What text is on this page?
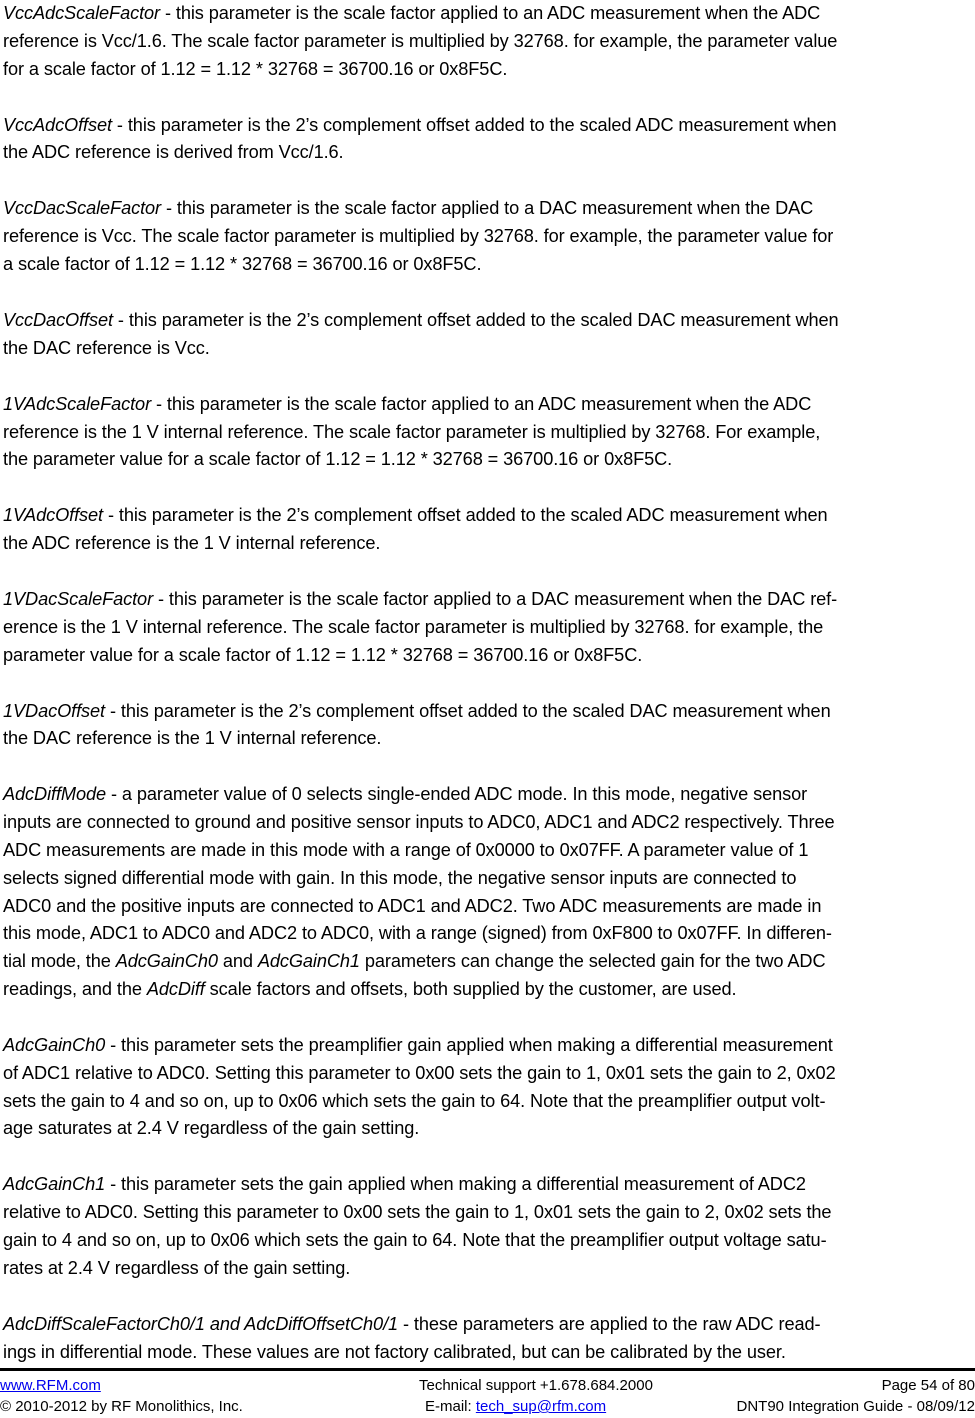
VccAdcScaleFactor - this parameter is the scale factor applied to an ADC measurement when the ADC
reference is Vcc/1.6. The scale factor parameter is multiplied by 32768. for example, the parameter value
for a scale factor of 1.12 = 1.12 * 32768 = 36700.16 or 0x8F5C.

VccAdcOffset - this parameter is the 2’s complement offset added to the scaled ADC measurement when
the ADC reference is derived from Vcc/1.6.

VccDacScaleFactor - this parameter is the scale factor applied to a DAC measurement when the DAC
reference is Vcc. The scale factor parameter is multiplied by 32768. for example, the parameter value for
a scale factor of 1.12 = 1.12 * 32768 = 36700.16 or 0x8F5C.

VccDacOffset - this parameter is the 2’s complement offset added to the scaled DAC measurement when
the DAC reference is Vcc.

1VAdcScaleFactor - this parameter is the scale factor applied to an ADC measurement when the ADC
reference is the 1 V internal reference. The scale factor parameter is multiplied by 32768. For example,
the parameter value for a scale factor of 1.12 = 1.12 * 32768 = 36700.16 or 0x8F5C.

1VAdcOffset - this parameter is the 2’s complement offset added to the scaled ADC measurement when
the ADC reference is the 1 V internal reference.

1VDacScaleFactor - this parameter is the scale factor applied to a DAC measurement when the DAC ref-
erence is the 1 V internal reference. The scale factor parameter is multiplied by 32768. for example, the
parameter value for a scale factor of 1.12 = 1.12 * 32768 = 36700.16 or 0x8F5C.

1VDacOffset - this parameter is the 2’s complement offset added to the scaled DAC measurement when
the DAC reference is the 1 V internal reference.

AdcDiffMode - a parameter value of 0 selects single-ended ADC mode. In this mode, negative sensor
inputs are connected to ground and positive sensor inputs to ADC0, ADC1 and ADC2 respectively. Three
ADC measurements are made in this mode with a range of 0x0000 to 0x07FF. A parameter value of 1
selects signed differential mode with gain. In this mode, the negative sensor inputs are connected to
ADC0 and the positive inputs are connected to ADC1 and ADC2. Two ADC measurements are made in
this mode, ADC1 to ADC0 and ADC2 to ADC0, with a range (signed) from 0xF800 to 0x07FF. In differen-
tial mode, the AdcGainCh0 and AdcGainCh1 parameters can change the selected gain for the two ADC
readings, and the AdcDiff scale factors and offsets, both supplied by the customer, are used.

AdcGainCh0 - this parameter sets the preamplifier gain applied when making a differential measurement
of ADC1 relative to ADC0. Setting this parameter to 0x00 sets the gain to 1, 0x01 sets the gain to 2, 0x02
sets the gain to 4 and so on, up to 0x06 which sets the gain to 64. Note that the preamplifier output volt-
age saturates at 2.4 V regardless of the gain setting.

AdcGainCh1 - this parameter sets the gain applied when making a differential measurement of ADC2
relative to ADC0. Setting this parameter to 0x00 sets the gain to 1, 0x01 sets the gain to 2, 0x02 sets the
gain to 4 and so on, up to 0x06 which sets the gain to 64. Note that the preamplifier output voltage satu-
rates at 2.4 V regardless of the gain setting.

AdcDiffScaleFactorCh0/1 and AdcDiffOffsetCh0/1 - these parameters are applied to the raw ADC read-
ings in differential mode. These values are not factory calibrated, but can be calibrated by the user.

www.RFM.com	Technical support +1.678.684.2000	Page 54 of 80
© 2010-2012 by RF Monolithics, Inc.	E-mail: tech_sup@rfm.com	DNT90 Integration Guide - 08/09/12
